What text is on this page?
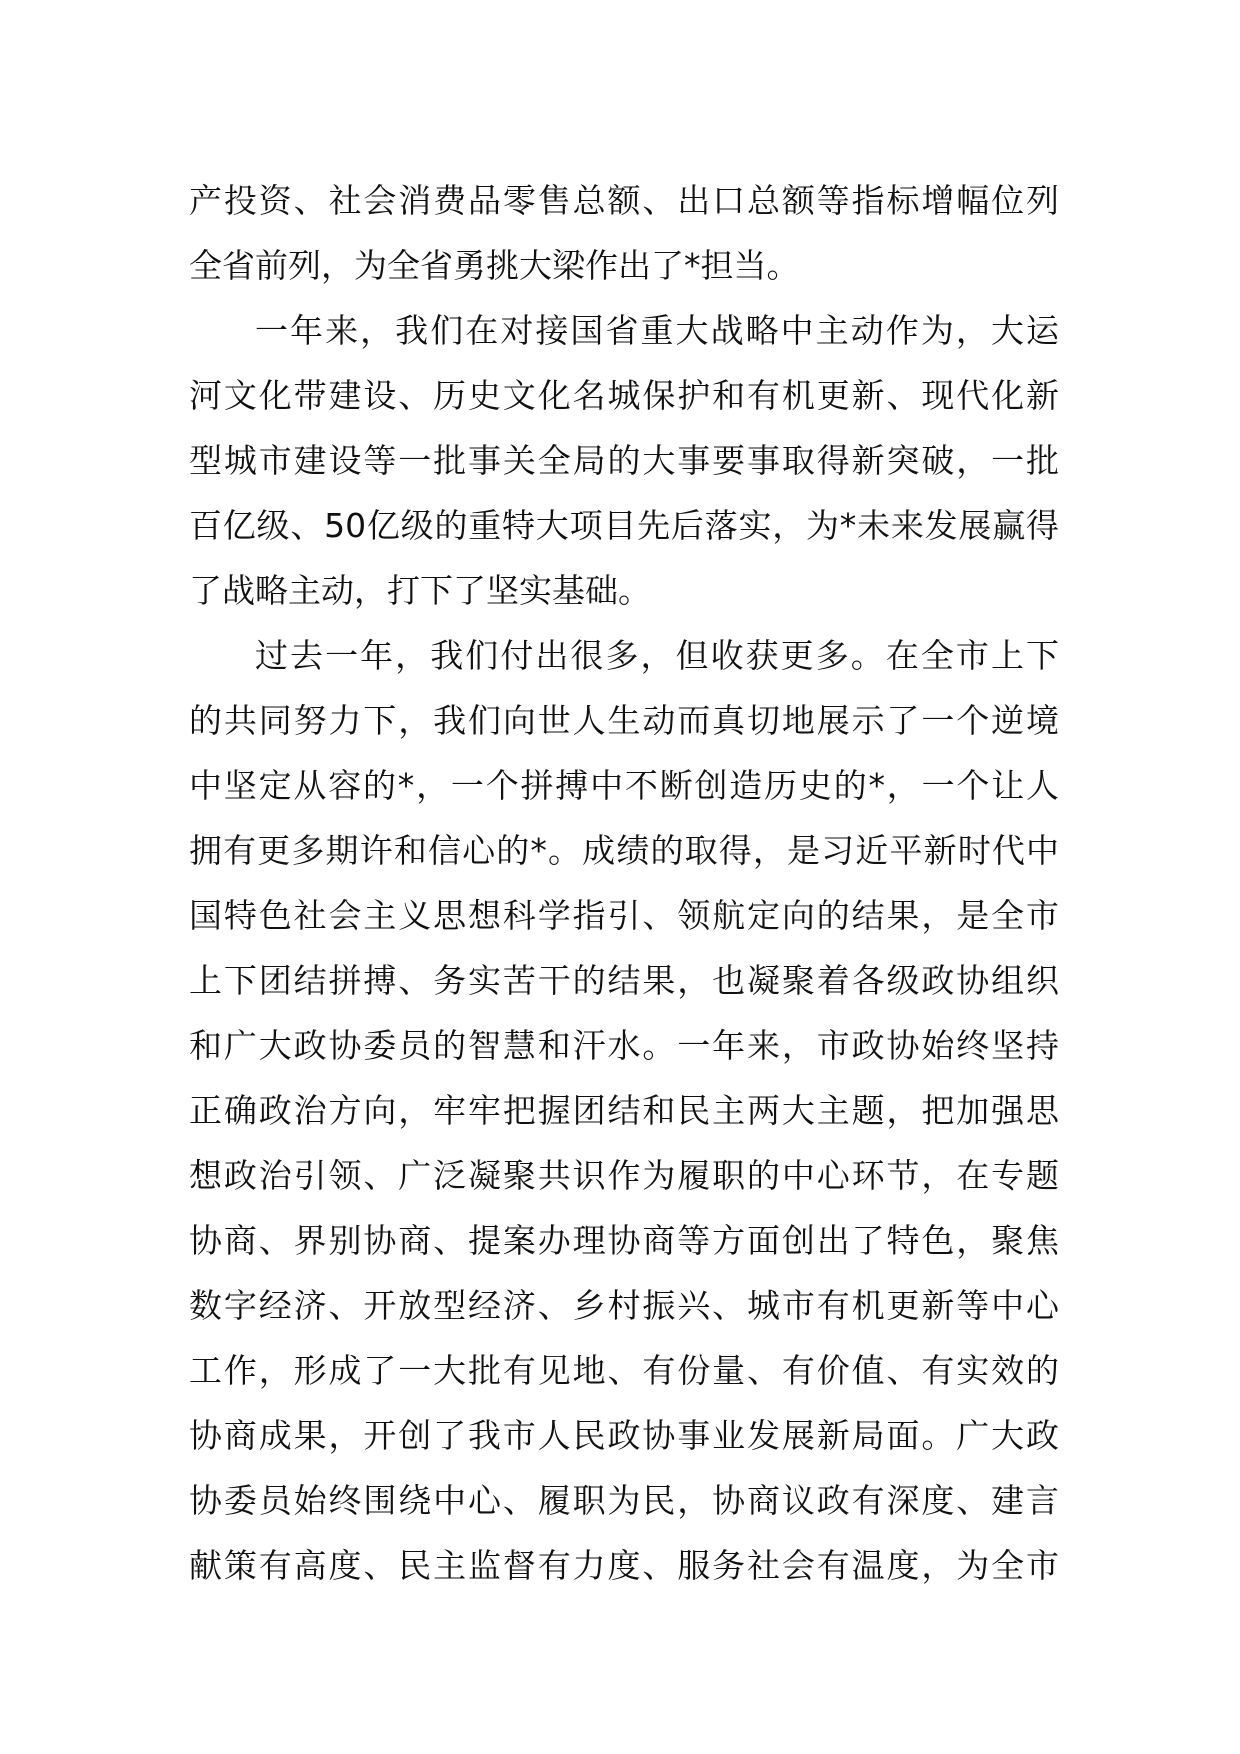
产投资、社会消费品零售总额、出口总额等指标增幅位列
全省前列，为全省勇挑大梁作出了*担当。
一年来，我们在对接国省重大战略中主动作为，大运
河文化带建设、历史文化名城保护和有机更新、现代化新
型城市建设等一批事关全局的大事要事取得新突破，一批
百亿级、50亿级的重特大项目先后落实，为*未来发展赢得
了战略主动，打下了坚实基础。
过去一年，我们付出很多，但收获更多。在全市上下
的共同努力下，我们向世人生动而真切地展示了一个逆境
中坚定从容的*，一个拼搏中不断创造历史的*，一个让人
拥有更多期许和信心的*。成绩的取得，是习近平新时代中
国特色社会主义思想科学指引、领航定向的结果，是全市
上下团结拼搏、务实苦干的结果，也凝聚着各级政协组织
和广大政协委员的智慧和汗水。一年来，市政协始终坚持
正确政治方向，牢牢把握团结和民主两大主题，把加强思
想政治引领、广泛凝聚共识作为履职的中心环节，在专题
协商、界别协商、提案办理协商等方面创出了特色，聚焦
数字经济、开放型经济、乡村振兴、城市有机更新等中心
工作，形成了一大批有见地、有份量、有价值、有实效的
协商成果，开创了我市人民政协事业发展新局面。广大政
协委员始终围绕中心、履职为民，协商议政有深度、建言
献策有高度、民主监督有力度、服务社会有温度，为全市
